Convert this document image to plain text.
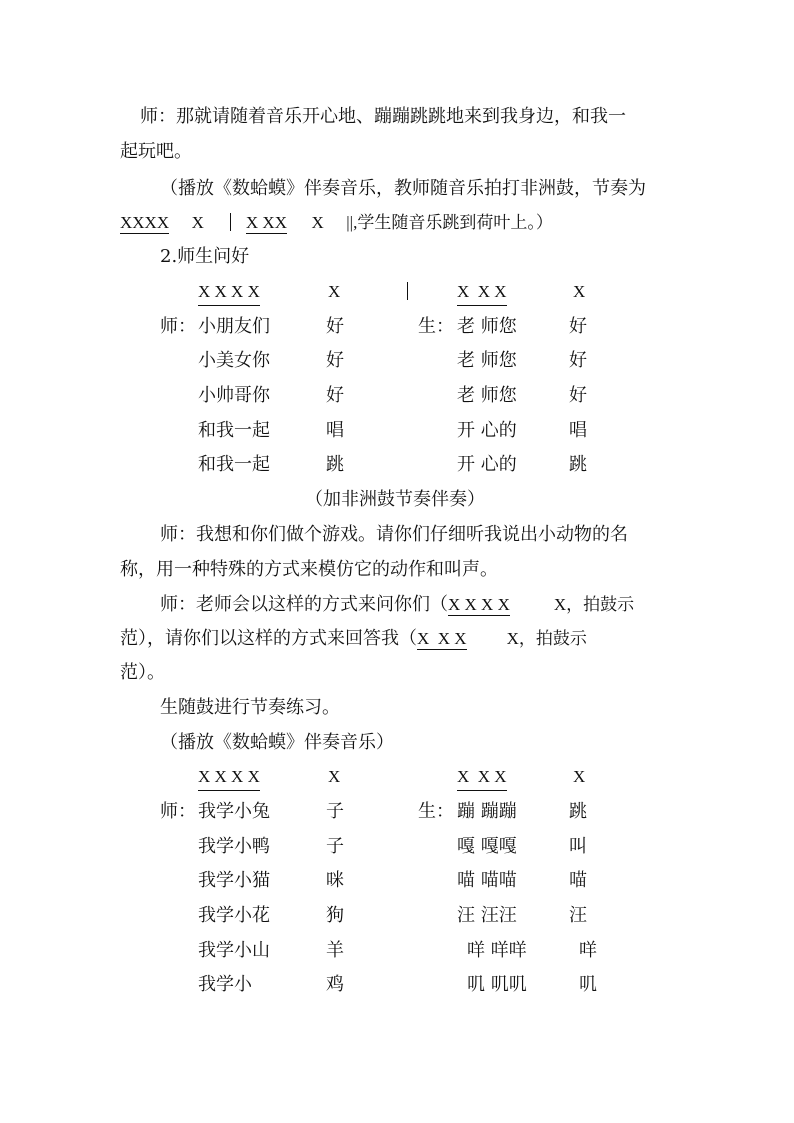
师：那就请随着音乐开心地、蹦蹦跳跳地来到我身边，和我一
起玩吧。
（播放《数蛤蟆》伴奏音乐，教师随音乐拍打非洲鼓，节奏为
XXXX X X XX X ||,学生随音乐跳到荷叶上。）
2.师生问好
X X X X	X	X  X X	X
师：	生：
小朋友们	好	老 师您	好
小美女你	好	老 师您	好
小帅哥你	好	老 师您	好
和我一起	唱	开 心的	唱
和我一起	跳	开 心的	跳
（加非洲鼓节奏伴奏）
师：我想和你们做个游戏。请你们仔细听我说出小动物的名
称，用一种特殊的方式来模仿它的动作和叫声。
师：老师会以这样的方式来问你们（X X X X	X，拍鼓示
范），请你们以这样的方式来回答我（X  X X X，拍鼓示
范）。
生随鼓进行节奏练习。
（播放《数蛤蟆》伴奏音乐）
X X X X	X	X  X X	X
师：	生：
我学小兔	子	蹦 蹦蹦	跳
我学小鸭	子	嘎 嘎嘎	叫
我学小猫	咪	喵 喵喵	喵
我学小花	狗	汪 汪汪	汪
我学小山	羊	咩 咩咩	咩
我学小	鸡	叽 叽叽	叽
